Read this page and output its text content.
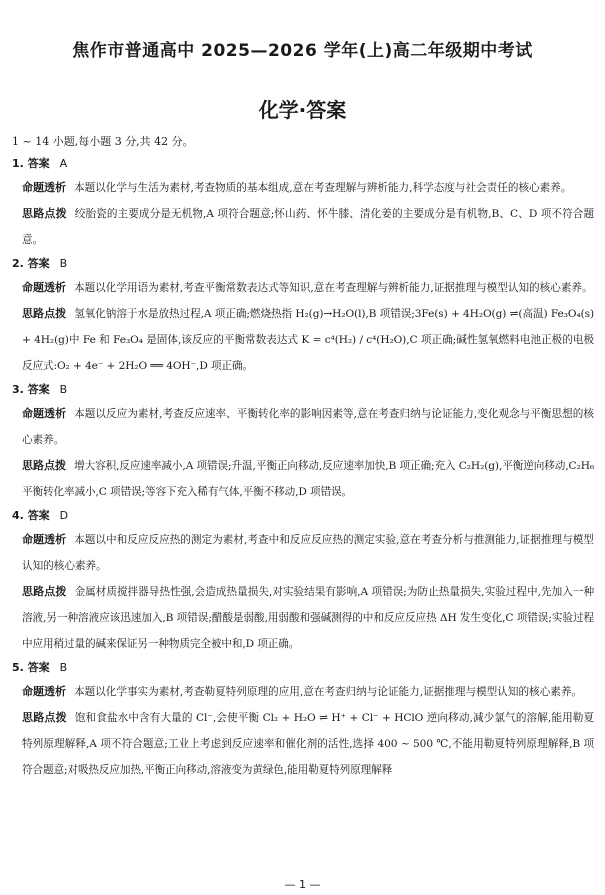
焦作市普通高中 2025—2026 学年(上)高二年级期中考试
化学·答案
1 ~ 14 小题,每小题 3 分,共 42 分。
1. 答案 A
命题透析 本题以化学与生活为素材,考查物质的基本组成,意在考查理解与辨析能力,科学态度与社会责任的核心素养。
思路点拨 绞胎瓷的主要成分是无机物,A 项符合题意;怀山药、怀牛膝、清化姜的主要成分是有机物,B、C、D 项不符合题意。
2. 答案 B
命题透析 本题以化学用语为素材,考查平衡常数表达式等知识,意在考查理解与辨析能力,证据推理与模型认知的核心素养。
思路点拨 氢氧化钠溶于水是放热过程,A 项正确;燃烧热指 H₂(g)→H₂O(l),B 项错误;3Fe(s) + 4H₂O(g) ⇌(高温) Fe₃O₄(s) + 4H₂(g)中 Fe 和 Fe₃O₄ 是固体,该反应的平衡常数表达式 K = c⁴(H₂) / c⁴(H₂O),C 项正确;碱性氢氧燃料电池正极的电极反应式:O₂ + 4e⁻ + 2H₂O ══ 4OH⁻,D 项正确。
3. 答案 B
命题透析 本题以反应为素材,考查反应速率、平衡转化率的影响因素等,意在考查归纳与论证能力,变化观念与平衡思想的核心素养。
思路点拨 增大容积,反应速率减小,A 项错误;升温,平衡正向移动,反应速率加快,B 项正确;充入 C₂H₂(g),平衡逆向移动,C₂H₆ 平衡转化率减小,C 项错误;等容下充入稀有气体,平衡不移动,D 项错误。
4. 答案 D
命题透析 本题以中和反应反应热的测定为素材,考查中和反应反应热的测定实验,意在考查分析与推测能力,证据推理与模型认知的核心素养。
思路点拨 金属材质搅拌器导热性强,会造成热量损失,对实验结果有影响,A 项错误;为防止热量损失,实验过程中,先加入一种溶液,另一种溶液应该迅速加入,B 项错误;醋酸是弱酸,用弱酸和强碱测得的中和反应反应热 ΔH 发生变化,C 项错误;实验过程中应用稍过量的碱来保证另一种物质完全被中和,D 项正确。
5. 答案 B
命题透析 本题以化学事实为素材,考查勒夏特列原理的应用,意在考查归纳与论证能力,证据推理与模型认知的核心素养。
思路点拨 饱和食盐水中含有大量的 Cl⁻,会使平衡 Cl₂ + H₂O ⇌ H⁺ + Cl⁻ + HClO 逆向移动,减少氯气的溶解,能用勒夏特列原理解释,A 项不符合题意;工业上考虑到反应速率和催化剂的活性,选择 400 ~ 500 ℃,不能用勒夏特列原理解释,B 项符合题意;对吸热反应加热,平衡正向移动,溶液变为黄绿色,能用勒夏特列原理解释
— 1 —
